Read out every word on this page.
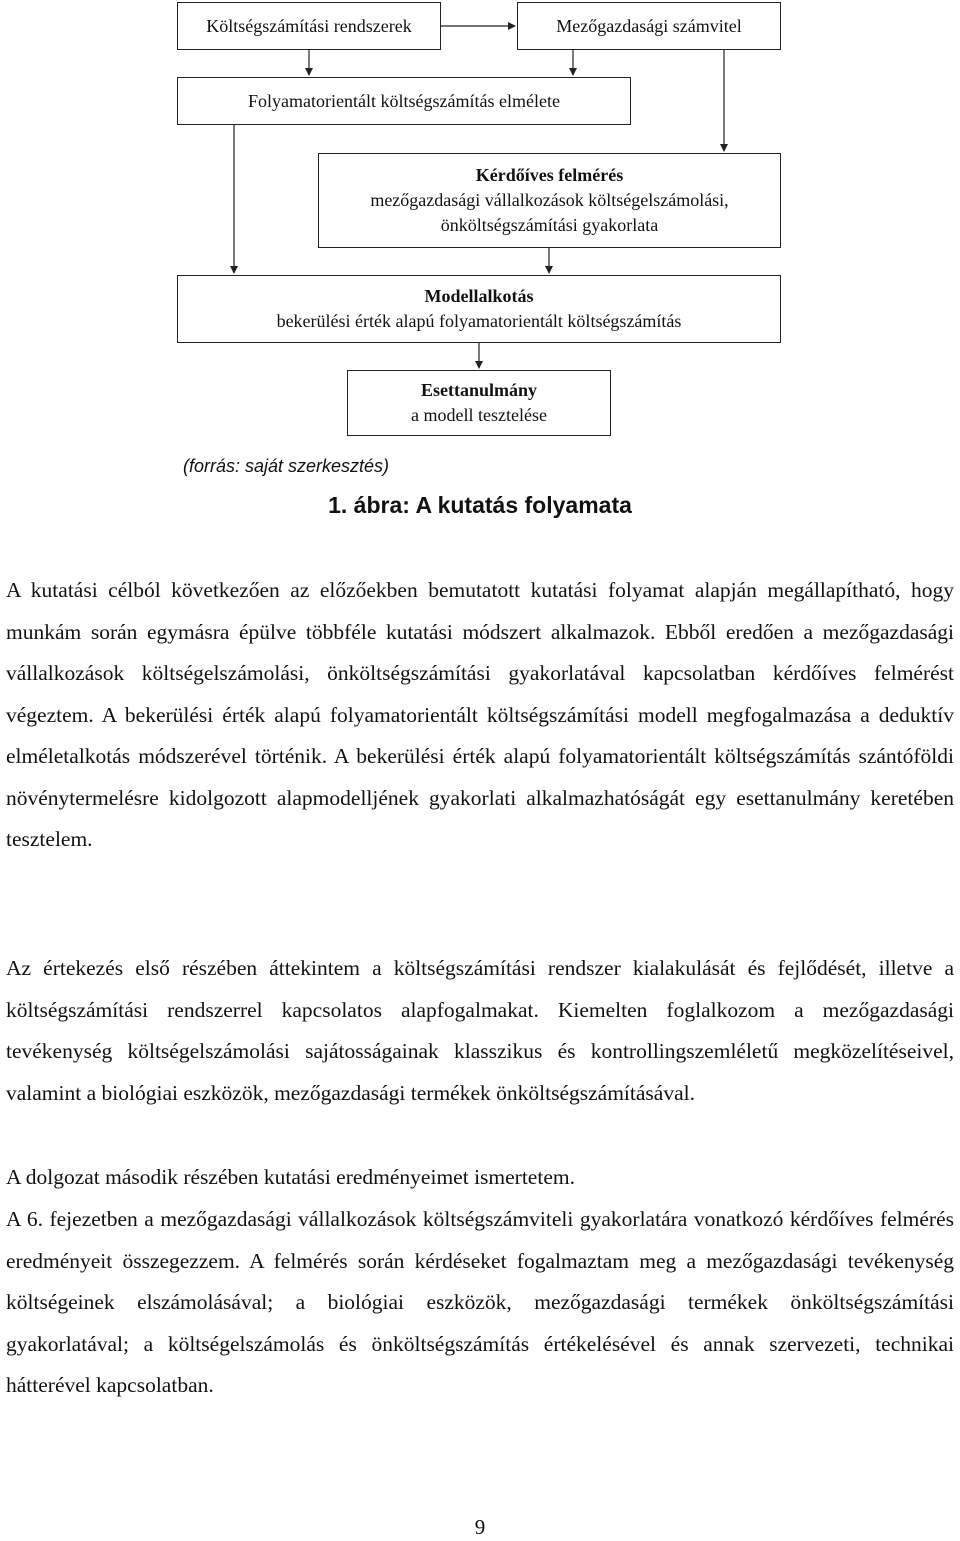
Költségszámítási rendszerek	Mezőgazdasági számvitel
Folyamatorientált költségszámítás elmélete
Kérdőíves felmérés
mezőgazdasági vállalkozások költségelszámolási,
önköltségszámítási gyakorlata
Modellalkotás
bekerülési érték alapú folyamatorientált költségszámítás
Esettanulmány
a modell tesztelése
(forrás: saját szerkesztés)
1. ábra: A kutatás folyamata

A kutatási célból következően az előzőekben bemutatott kutatási folyamat alapján megállapítható, hogy munkám során egymásra épülve többféle kutatási módszert alkalmazok. Ebből eredően a mezőgazdasági vállalkozások költségelszámolási, önköltségszámítási gyakorlatával kapcsolatban kérdőíves felmérést végeztem. A bekerülési érték alapú folyamatorientált költségszámítási modell megfogalmazása a deduktív elméletalkotás módszerével történik. A bekerülési érték alapú folyamatorientált költségszámítás szántóföldi növénytermelésre kidolgozott alapmodelljének gyakorlati alkalmazhatóságát egy esettanulmány keretében tesztelem.

Az értekezés első részében áttekintem a költségszámítási rendszer kialakulását és fejlődését, illetve a költségszámítási rendszerrel kapcsolatos alapfogalmakat. Kiemelten foglalkozom a mezőgazdasági tevékenység költségelszámolási sajátosságainak klasszikus és kontrollingszemléletű megközelítéseivel, valamint a biológiai eszközök, mezőgazdasági termékek önköltségszámításával.

A dolgozat második részében kutatási eredményeimet ismertetem.

A 6. fejezetben a mezőgazdasági vállalkozások költségszámviteli gyakorlatára vonatkozó kérdőíves felmérés eredményeit összegezzem. A felmérés során kérdéseket fogalmaztam meg a mezőgazdasági tevékenység költségeinek elszámolásával; a biológiai eszközök, mezőgazdasági termékek önköltségszámítási gyakorlatával; a költségelszámolás és önköltségszámítás értékelésével és annak szervezeti, technikai hátterével kapcsolatban.

9
